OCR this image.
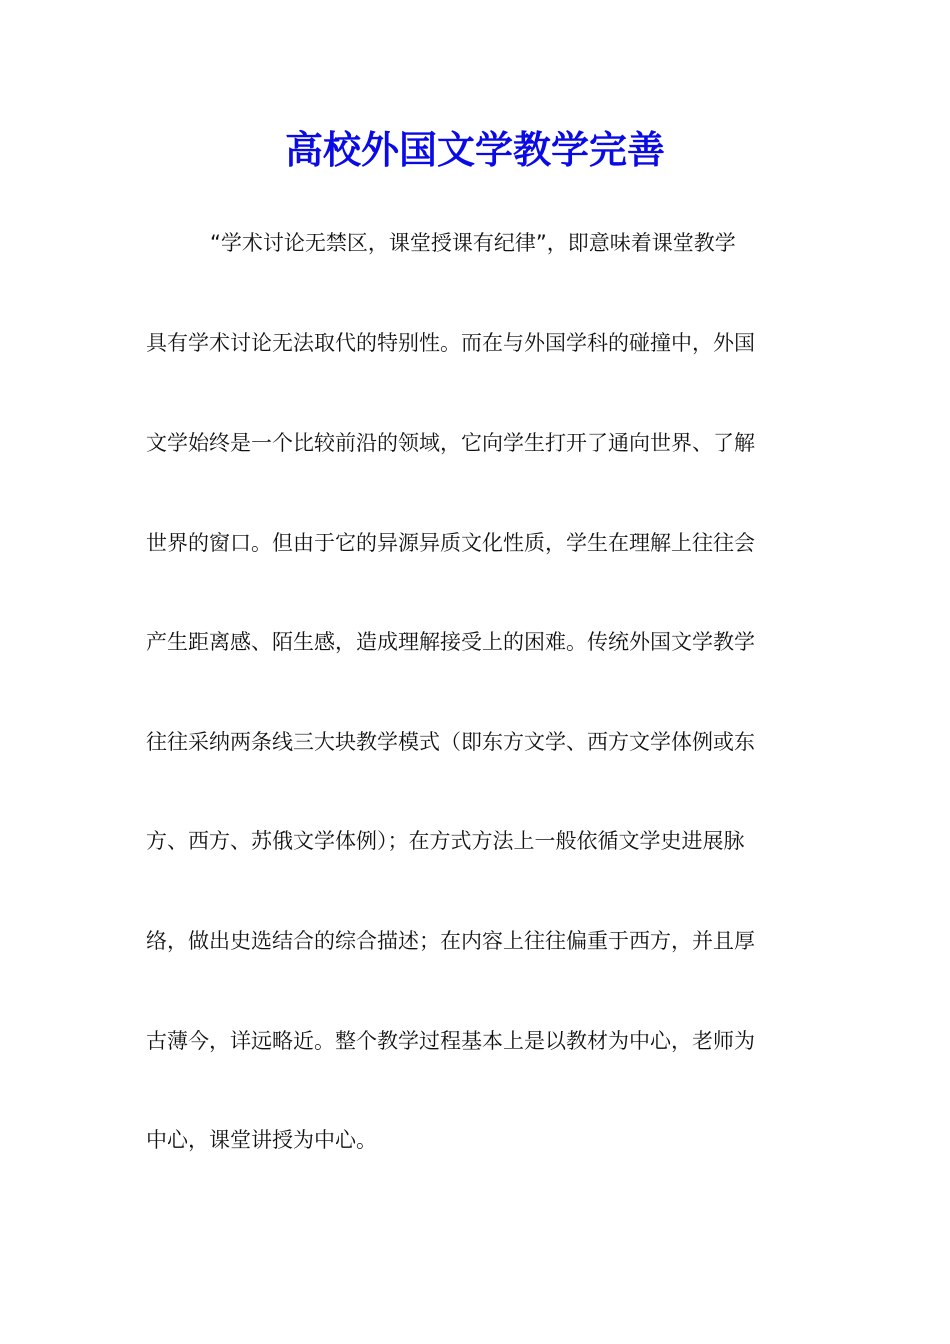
高校外国文学教学完善

“学术讨论无禁区，课堂授课有纪律”，即意味着课堂教学

具有学术讨论无法取代的特别性。而在与外国学科的碰撞中，外国

文学始终是一个比较前沿的领域，它向学生打开了通向世界、了解

世界的窗口。但由于它的异源异质文化性质，学生在理解上往往会

产生距离感、陌生感，造成理解接受上的困难。传统外国文学教学

往往采纳两条线三大块教学模式（即东方文学、西方文学体例或东

方、西方、苏俄文学体例）；在方式方法上一般依循文学史进展脉

络，做出史选结合的综合描述；在内容上往往偏重于西方，并且厚

古薄今，详远略近。整个教学过程基本上是以教材为中心，老师为

中心，课堂讲授为中心。
